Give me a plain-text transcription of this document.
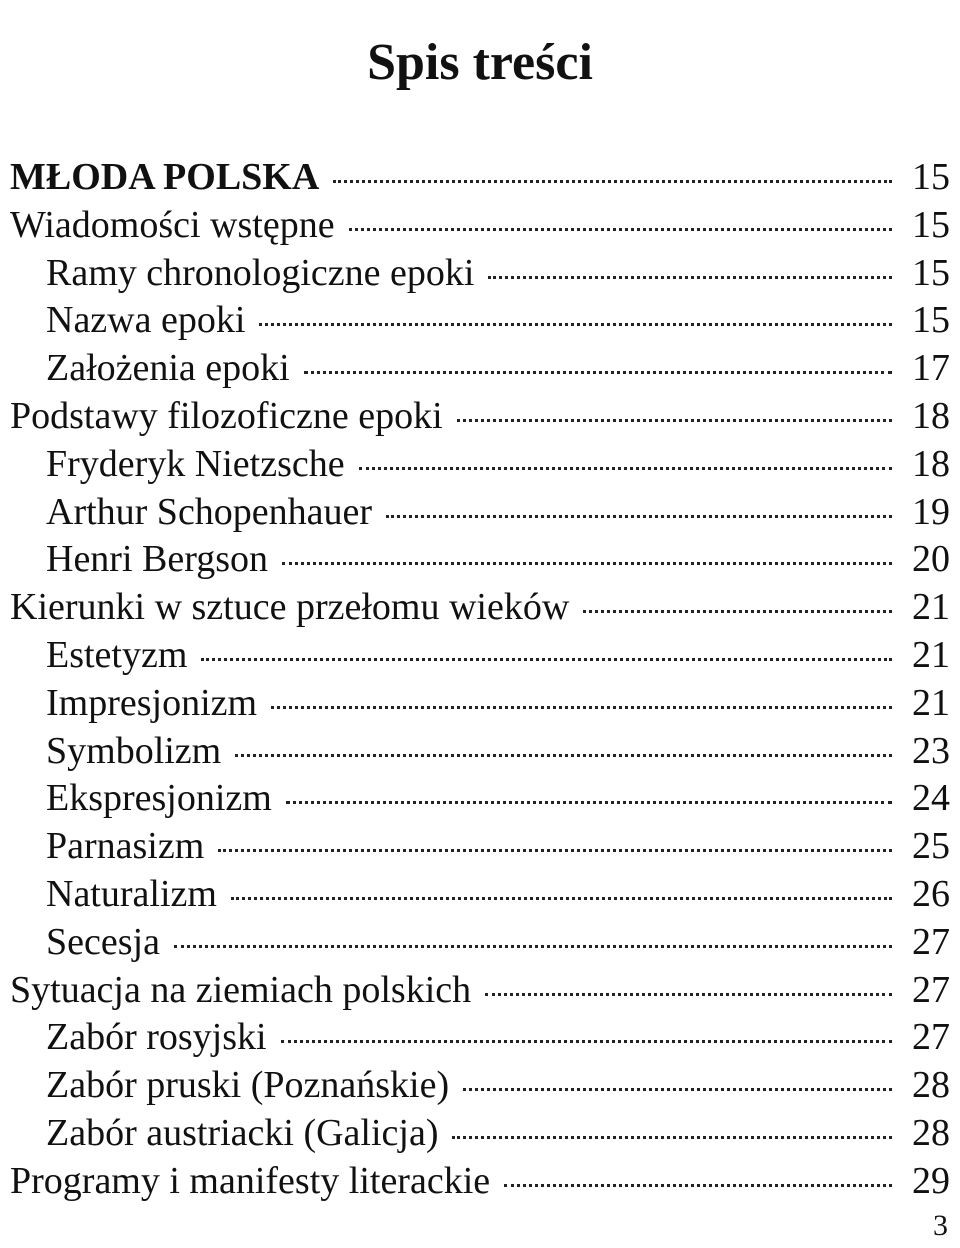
Spis treści
MŁODA POLSKA	15
Wiadomości wstępne	15
Ramy chronologiczne epoki	15
Nazwa epoki	15
Założenia epoki	17
Podstawy filozoficzne epoki	18
Fryderyk Nietzsche	18
Arthur Schopenhauer	19
Henri Bergson	20
Kierunki w sztuce przełomu wieków	21
Estetyzm	21
Impresjonizm	21
Symbolizm	23
Ekspresjonizm	24
Parnasizm	25
Naturalizm	26
Secesja	27
Sytuacja na ziemiach polskich	27
Zabór rosyjski	27
Zabór pruski (Poznańskie)	28
Zabór austriacki (Galicja)	28
Programy i manifesty literackie	29
3
